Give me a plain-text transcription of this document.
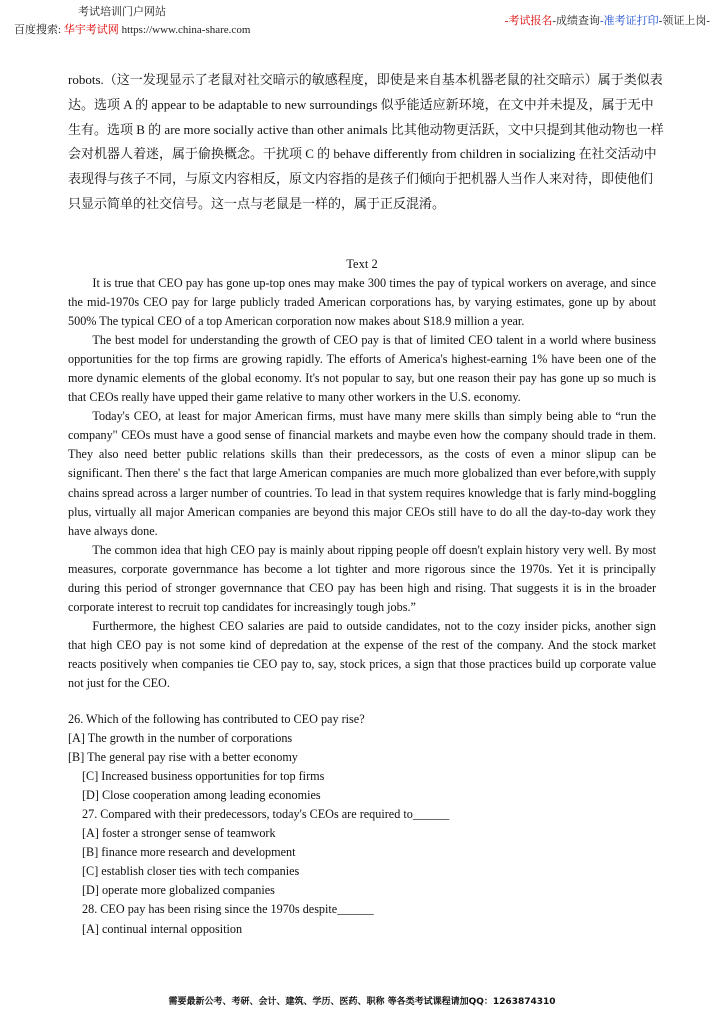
考试培训门户网站
百度搜索: 华宇考试网 https://www.china-share.com
-考试报名-成绩查询-准考证打印-领证上岗-
robots.（这一发现显示了老鼠对社交暗示的敏感程度，即使是来自基本机器老鼠的社交暗示）属于类似表
达。选项 A 的 appear to be adaptable to new surroundings 似乎能适应新环境，在文中并未提及，属于无中
生有。选项 B 的 are more socially active than other animals 比其他动物更活跃，文中只提到其他动物也一样
会对机器人着迷，属于偷换概念。干扰项 C 的 behave differently from children in socializing 在社交活动中
表现得与孩子不同，与原文内容相反，原文内容指的是孩子们倾向于把机器人当作人来对待，即使他们
只显示简单的社交信号。这一点与老鼠是一样的，属于正反混淆。
Text 2

It is true that CEO pay has gone up-top ones may make 300 times the pay of typical workers on average, and since the mid-1970s CEO pay for large publicly traded American corporations has, by varying estimates, gone up by about 500% The typical CEO of a top American corporation now makes about S18.9 million a year.

The best model for understanding the growth of CEO pay is that of limited CEO talent in a world where business opportunities for the top firms are growing rapidly. The efforts of America's highest-earning 1% have been one of the more dynamic elements of the global economy. It's not popular to say, but one reason their pay has gone up so much is that CEOs really have upped their game relative to many other workers in the U.S. economy.

Today's CEO, at least for major American firms, must have many mere skills than simply being able to “run the company" CEOs must have a good sense of financial markets and maybe even how the company should trade in them. They also need better public relations skills than their predecessors, as the costs of even a minor slipup can be significant. Then there' s the fact that large American companies are much more globalized than ever before,with supply chains spread across a larger number of countries. To lead in that system requires knowledge that is farly mind-boggling plus, virtually all major American companies are beyond this major CEOs still have to do all the day-to-day work they have always done.

The common idea that high CEO pay is mainly about ripping people off doesn't explain history very well. By most measures, corporate governmance has become a lot tighter and more rigorous since the 1970s. Yet it is principally during this period of stronger governnance that CEO pay has been high and rising. That suggests it is in the broader corporate interest to recruit top candidates for increasingly tough jobs.”

Furthermore, the highest CEO salaries are paid to outside candidates, not to the cozy insider picks, another sign that high CEO pay is not some kind of depredation at the expense of the rest of the company. And the stock market reacts positively when companies tie CEO pay to, say, stock prices, a sign that those practices build up corporate value not just for the CEO.

26. Which of the following has contributed to CEO pay rise?
[A] The growth in the number of corporations
[B] The general pay rise with a better economy
[C] Increased business opportunities for top firms
[D] Close cooperation among leading economies
27. Compared with their predecessors, today's CEOs are required to______
[A] foster a stronger sense of teamwork
[B] finance more research and development
[C] establish closer ties with tech companies
[D] operate more globalized companies
28. CEO pay has been rising since the 1970s despite______
[A] continual internal opposition
需要最新公考、考研、会计、建筑、学历、医药、职称 等各类考试课程请加QQ：1263874310
